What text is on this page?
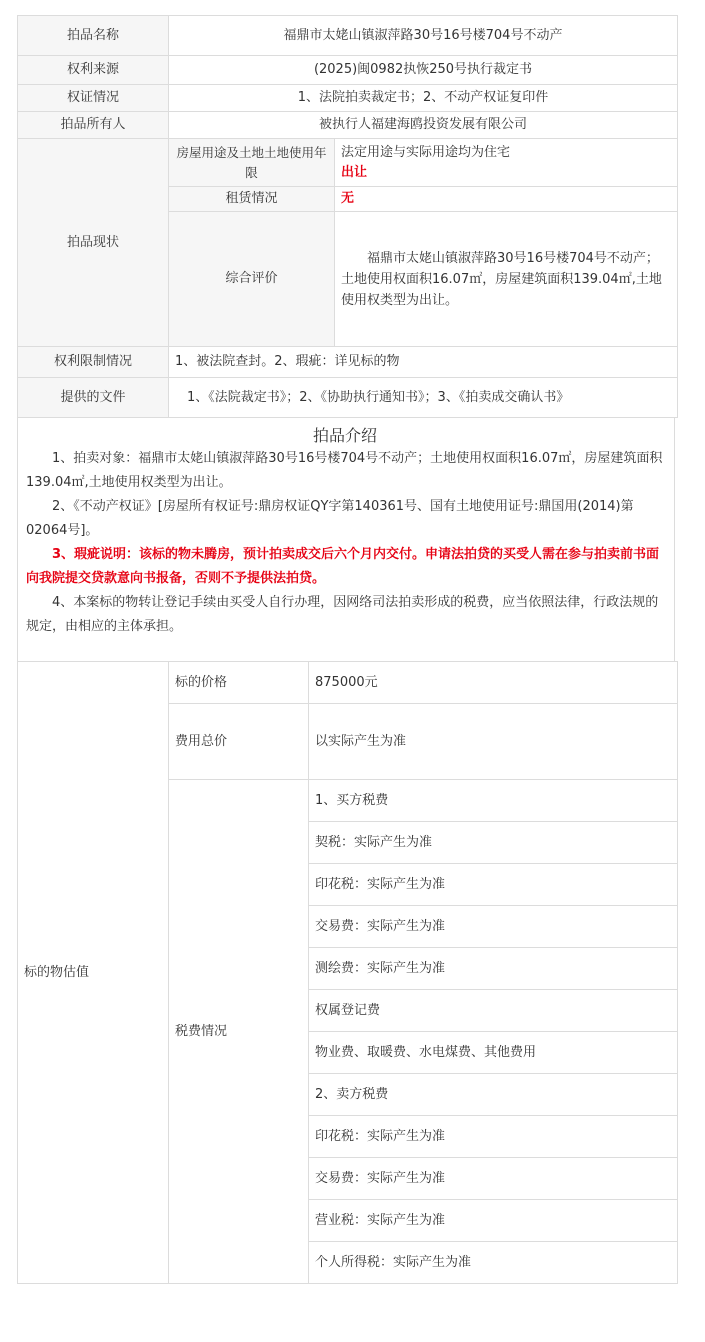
拍品名称	福鼎市太姥山镇淑萍路30号16号楼704号不动产	
权利来源	(2025)闽0982执恢250号执行裁定书	
权证情况	1、法院拍卖裁定书；2、不动产权证复印件	
拍品所有人	被执行人福建海鸥投资发展有限公司	
拍品现状	房屋用途及土地土地使用年限	法定用途与实际用途均为住宅
出让

	租赁情况	无
	综合评价	福鼎市太姥山镇淑萍路30号16号楼704号不动产；土地使用权面积16.07㎡，房屋建筑面积139.04㎡,土地使用权类型为出让。
权利限制情况	1、被法院查封。2、瑕疵：详见标的物	
提供的文件	1、《法院裁定书》；2、《协助执行通知书》；3、《拍卖成交确认书》	
拍品介绍

1、拍卖对象：福鼎市太姥山镇淑萍路30号16号楼704号不动产；土地使用权面积16.07㎡，房屋建筑面积139.04㎡,土地使用权类型为出让。

2、《不动产权证》[房屋所有权证号:鼎房权证QY字第140361号、国有土地使用证号:鼎国用(2014)第02064号]。

3、瑕疵说明：该标的物未腾房，预计拍卖成交后六个月内交付。申请法拍贷的买受人需在参与拍卖前书面向我院提交贷款意向书报备，否则不予提供法拍贷。

4、本案标的物转让登记手续由买受人自行办理，因网络司法拍卖形成的税费，应当依照法律，行政法规的规定，由相应的主体承担。

标的物估值	标的价格	875000元
	费用总价	以实际产生为准
	税费情况	1、买方税费
		契税：实际产生为准
		印花税：实际产生为准
		交易费：实际产生为准
		测绘费：实际产生为准
		权属登记费
		物业费、取暖费、水电煤费、其他费用
		2、卖方税费
		印花税：实际产生为准
		交易费：实际产生为准
		营业税：实际产生为准
		个人所得税：实际产生为准
